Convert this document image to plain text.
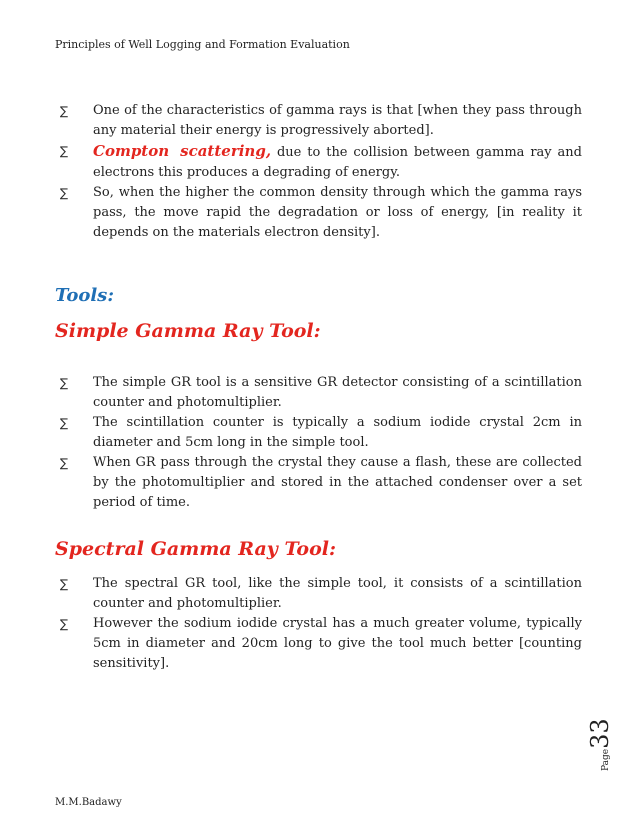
Principles of Well Logging and Formation Evaluation
∑ One of the characteristics of gamma rays is that [when they pass through any material their energy is progressively aborted].
∑ Compton scattering, due to the collision between gamma ray and electrons this produces a degrading of energy.
∑ So, when the higher the common density through which the gamma rays pass, the move rapid the degradation or loss of energy, [in reality it depends on the materials electron density].
Tools:
Simple Gamma Ray Tool:
∑ The simple GR tool is a sensitive GR detector consisting of a scintillation counter and photomultiplier.
∑ The scintillation counter is typically a sodium iodide crystal 2cm in diameter and 5cm long in the simple tool.
∑ When GR pass through the crystal they cause a flash, these are collected by the photomultiplier and stored in the attached condenser over a set period of time.
Spectral Gamma Ray Tool:
∑ The spectral GR tool, like the simple tool, it consists of a scintillation counter and photomultiplier.
∑ However the sodium iodide crystal has a much greater volume, typically 5cm in diameter and 20cm long to give the tool much better [counting sensitivity].
Page
33
M.M.Badawy
